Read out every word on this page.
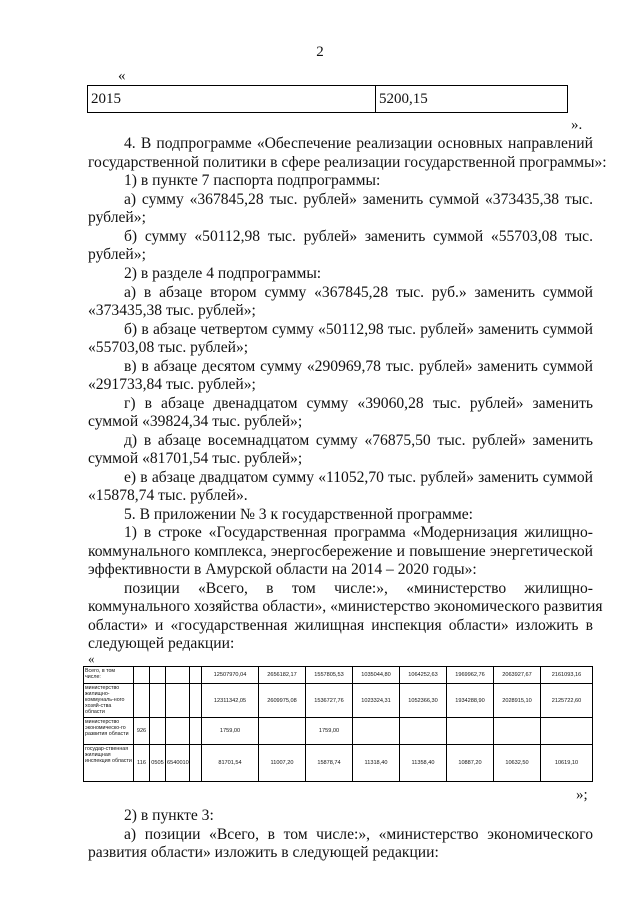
2
«
2015	5200,15
».
4. В подпрограмме «Обеспечение реализации основных направлений
государственной политики в сфере реализации государственной программы»:
1) в пункте 7 паспорта подпрограммы:
а) сумму «367845,28 тыс. рублей» заменить суммой «373435,38 тыс.
рублей»;
б) сумму «50112,98 тыс. рублей» заменить суммой «55703,08 тыс.
рублей»;
2) в разделе 4 подпрограммы:
а) в абзаце втором сумму «367845,28 тыс. руб.» заменить суммой
«373435,38 тыс. рублей»;
б) в абзаце четвертом сумму «50112,98 тыс. рублей» заменить суммой
«55703,08 тыс. рублей»;
в) в абзаце десятом сумму «290969,78 тыс. рублей» заменить суммой
«291733,84 тыс. рублей»;
г) в абзаце двенадцатом сумму «39060,28 тыс. рублей» заменить
суммой «39824,34 тыс. рублей»;
д) в абзаце восемнадцатом сумму «76875,50 тыс. рублей» заменить
суммой «81701,54 тыс. рублей»;
е) в абзаце двадцатом сумму «11052,70 тыс. рублей» заменить суммой
«15878,74 тыс. рублей».
5. В приложении № 3 к государственной программе:
1) в строке «Государственная программа «Модернизация жилищно-
коммунального комплекса, энергосбережение и повышение энергетической
эффективности в Амурской области на 2014 – 2020 годы»:
позиции «Всего, в том числе:», «министерство жилищно-
коммунального хозяйства области», «министерство экономического развития
области» и «государственная жилищная инспекция области» изложить в
следующей редакции:
«
Всего, в том числе:					12507970,04	2656182,17	1557805,53	1035044,80	1064252,63	1969962,76	2063927,67	2161093,16
министерство жилищно-коммуналь-ного хозяй-ства области					12311342,05	2609975,08	1536727,76	1023324,31	1052366,30	1934288,90	2028915,10	2125722,60
министерство экономическо-го развития области	926				1759,00		1759,00					
государ-ственная жилищная инспекция области	116	0505	6540010		81701,54	11007,20	15878,74	11318,40	11358,40	10887,20	10632,50	10619,10
»;
2) в пункте 3:
а) позиции «Всего, в том числе:», «министерство экономического
развития области» изложить в следующей редакции:
